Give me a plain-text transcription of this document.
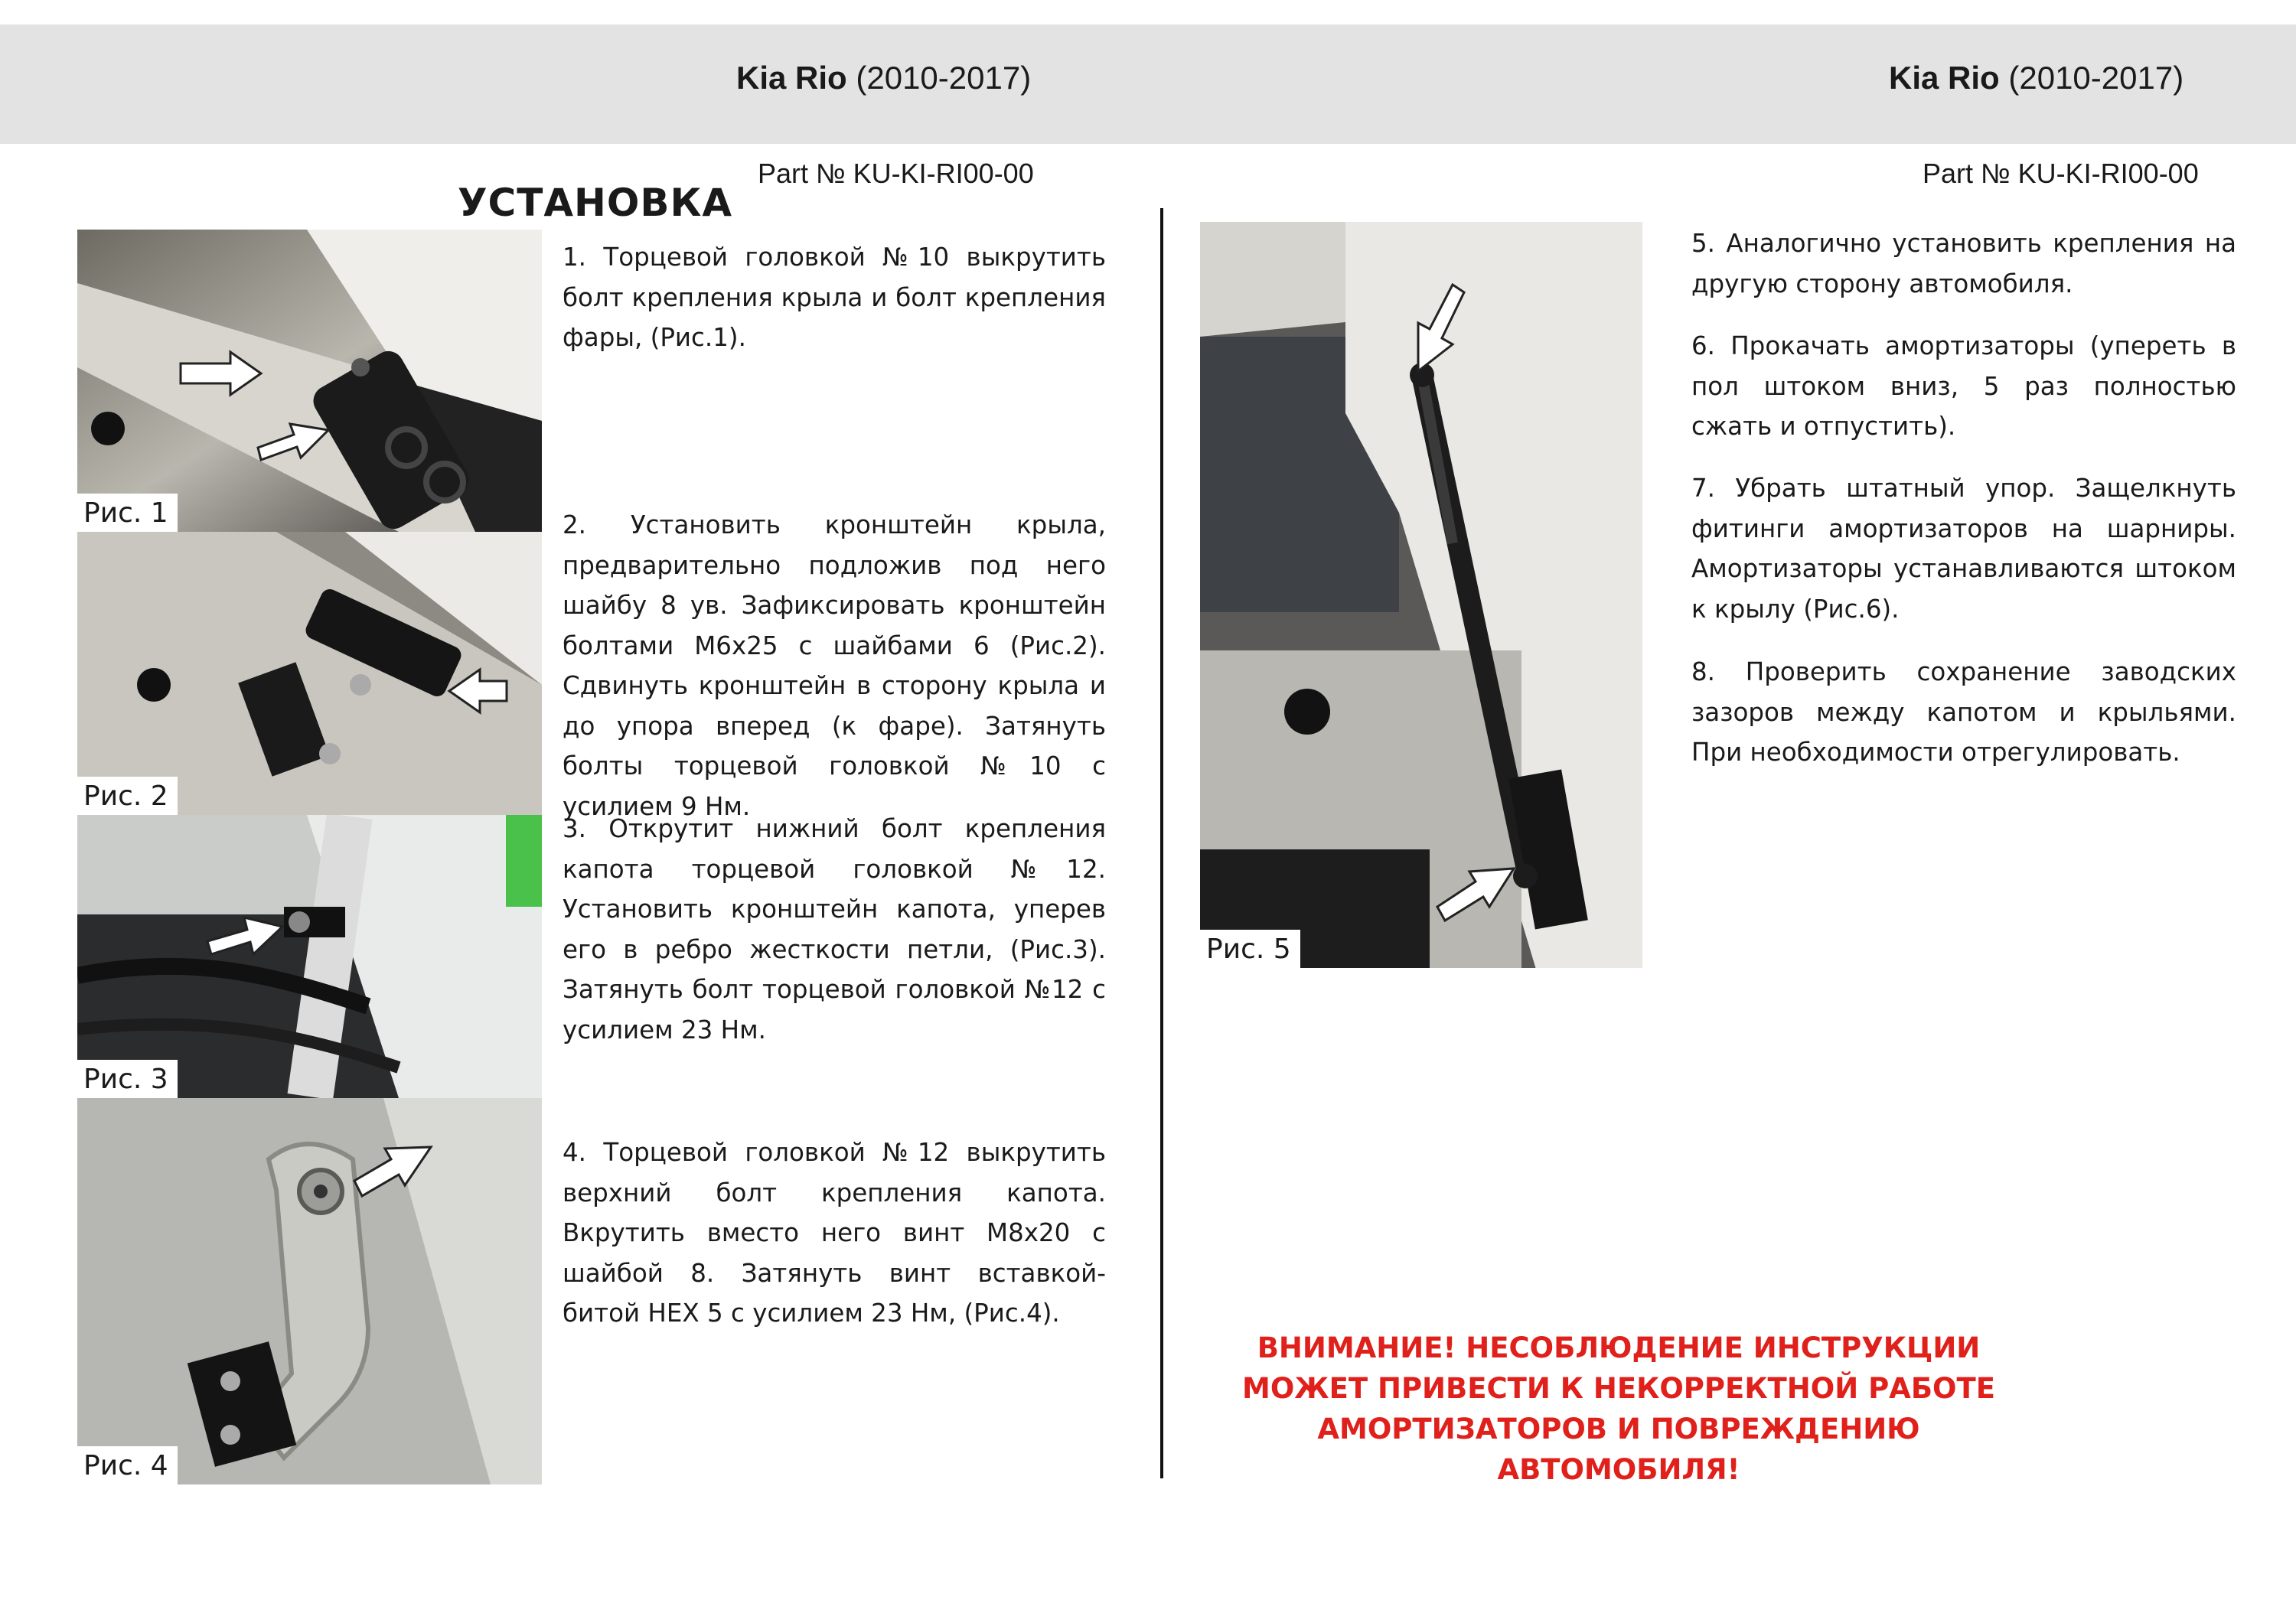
Kia Rio (2010-2017)	Kia Rio (2010-2017)
Part № KU-KI-RI00-00	Part № KU-KI-RI00-00
УСТАНОВКА
Рис. 1
Рис. 2
Рис. 3
Рис. 4
Рис. 5
1. Торцевой головкой №10 выкрутить болт крепления крыла и болт крепления фары, (Рис.1).
2. Установить кронштейн крыла, предварительно подложив под него шайбу 8 ув. Зафиксировать кронштейн болтами М6х25 с шайбами 6 (Рис.2). Сдвинуть кронштейн в сторону крыла и до упора вперед (к фаре). Затянуть болты торцевой головкой №10 с усилием 9 Нм.
3. Открутит нижний болт крепления капота торцевой головкой №12. Установить кронштейн капота, уперев его в ребро жесткости петли, (Рис.3). Затянуть болт торцевой головкой №12 с усилием 23 Нм.
4. Торцевой головкой №12 выкрутить верхний болт крепления капота. Вкрутить вместо него винт М8х20 с шайбой 8. Затянуть винт вставкой-битой HEX 5 с усилием 23 Нм, (Рис.4).
5. Аналогично установить крепления на другую сторону автомобиля.
6. Прокачать амортизаторы (упереть в пол штоком вниз, 5 раз полностью сжать и отпустить).
7. Убрать штатный упор. Защелкнуть фитинги амортизаторов на шарниры. Амортизаторы устанавливаются штоком к крылу (Рис.6).
8. Проверить сохранение заводских зазоров между капотом и крыльями. При необходимости отрегулировать.
ВНИМАНИЕ! НЕСОБЛЮДЕНИЕ ИНСТРУКЦИИ МОЖЕТ ПРИВЕСТИ К НЕКОРРЕКТНОЙ РАБОТЕ АМОРТИЗАТОРОВ И ПОВРЕЖДЕНИЮ АВТОМОБИЛЯ!
